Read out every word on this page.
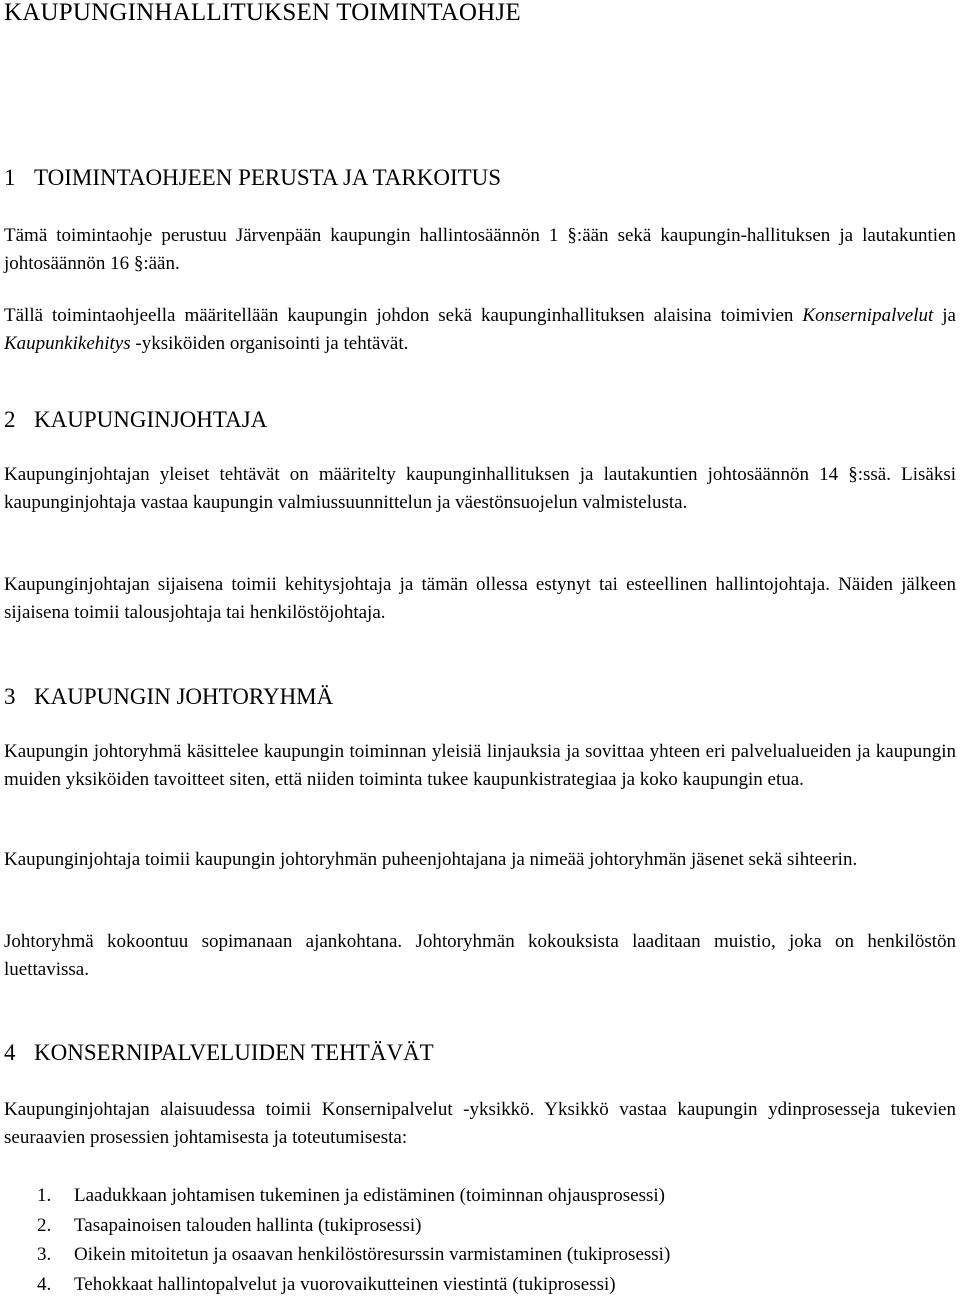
KAUPUNGINHALLITUKSEN TOIMINTAOHJE
1 TOIMINTAOHJEEN PERUSTA JA TARKOITUS

Tämä toimintaohje perustuu Järvenpään kaupungin hallintosäännön 1 §:ään sekä kaupungin-hallituksen ja lautakuntien johtosäännön 16 §:ään.

Tällä toimintaohjeella määritellään kaupungin johdon sekä kaupunginhallituksen alaisina toimivien Konsernipalvelut ja Kaupunkikehitys -yksiköiden organisointi ja tehtävät.

2 KAUPUNGINJOHTAJA

Kaupunginjohtajan yleiset tehtävät on määritelty kaupunginhallituksen ja lautakuntien johtosäännön 14 §:ssä. Lisäksi kaupunginjohtaja vastaa kaupungin valmiussuunnittelun ja väestönsuojelun valmistelusta.

Kaupunginjohtajan sijaisena toimii kehitysjohtaja ja tämän ollessa estynyt tai esteellinen hallintojohtaja. Näiden jälkeen sijaisena toimii talousjohtaja tai henkilöstöjohtaja.

3 KAUPUNGIN JOHTORYHMÄ

Kaupungin johtoryhmä käsittelee kaupungin toiminnan yleisiä linjauksia ja sovittaa yhteen eri palvelualueiden ja kaupungin muiden yksiköiden tavoitteet siten, että niiden toiminta tukee kaupunkistrategiaa ja koko kaupungin etua.

Kaupunginjohtaja toimii kaupungin johtoryhmän puheenjohtajana ja nimeää johtoryhmän jäsenet sekä sihteerin.

Johtoryhmä kokoontuu sopimanaan ajankohtana. Johtoryhmän kokouksista laaditaan muistio, joka on henkilöstön luettavissa.

4 KONSERNIPALVELUIDEN TEHTÄVÄT

Kaupunginjohtajan alaisuudessa toimii Konsernipalvelut -yksikkö. Yksikkö vastaa kaupungin ydinprosesseja tukevien seuraavien prosessien johtamisesta ja toteutumisesta:

1.	Laadukkaan johtamisen tukeminen ja edistäminen (toiminnan ohjausprosessi)
2.	Tasapainoisen talouden hallinta (tukiprosessi)
3.	Oikein mitoitetun ja osaavan henkilöstöresurssin varmistaminen (tukiprosessi)
4.	Tehokkaat hallintopalvelut ja vuorovaikutteinen viestintä (tukiprosessi)
